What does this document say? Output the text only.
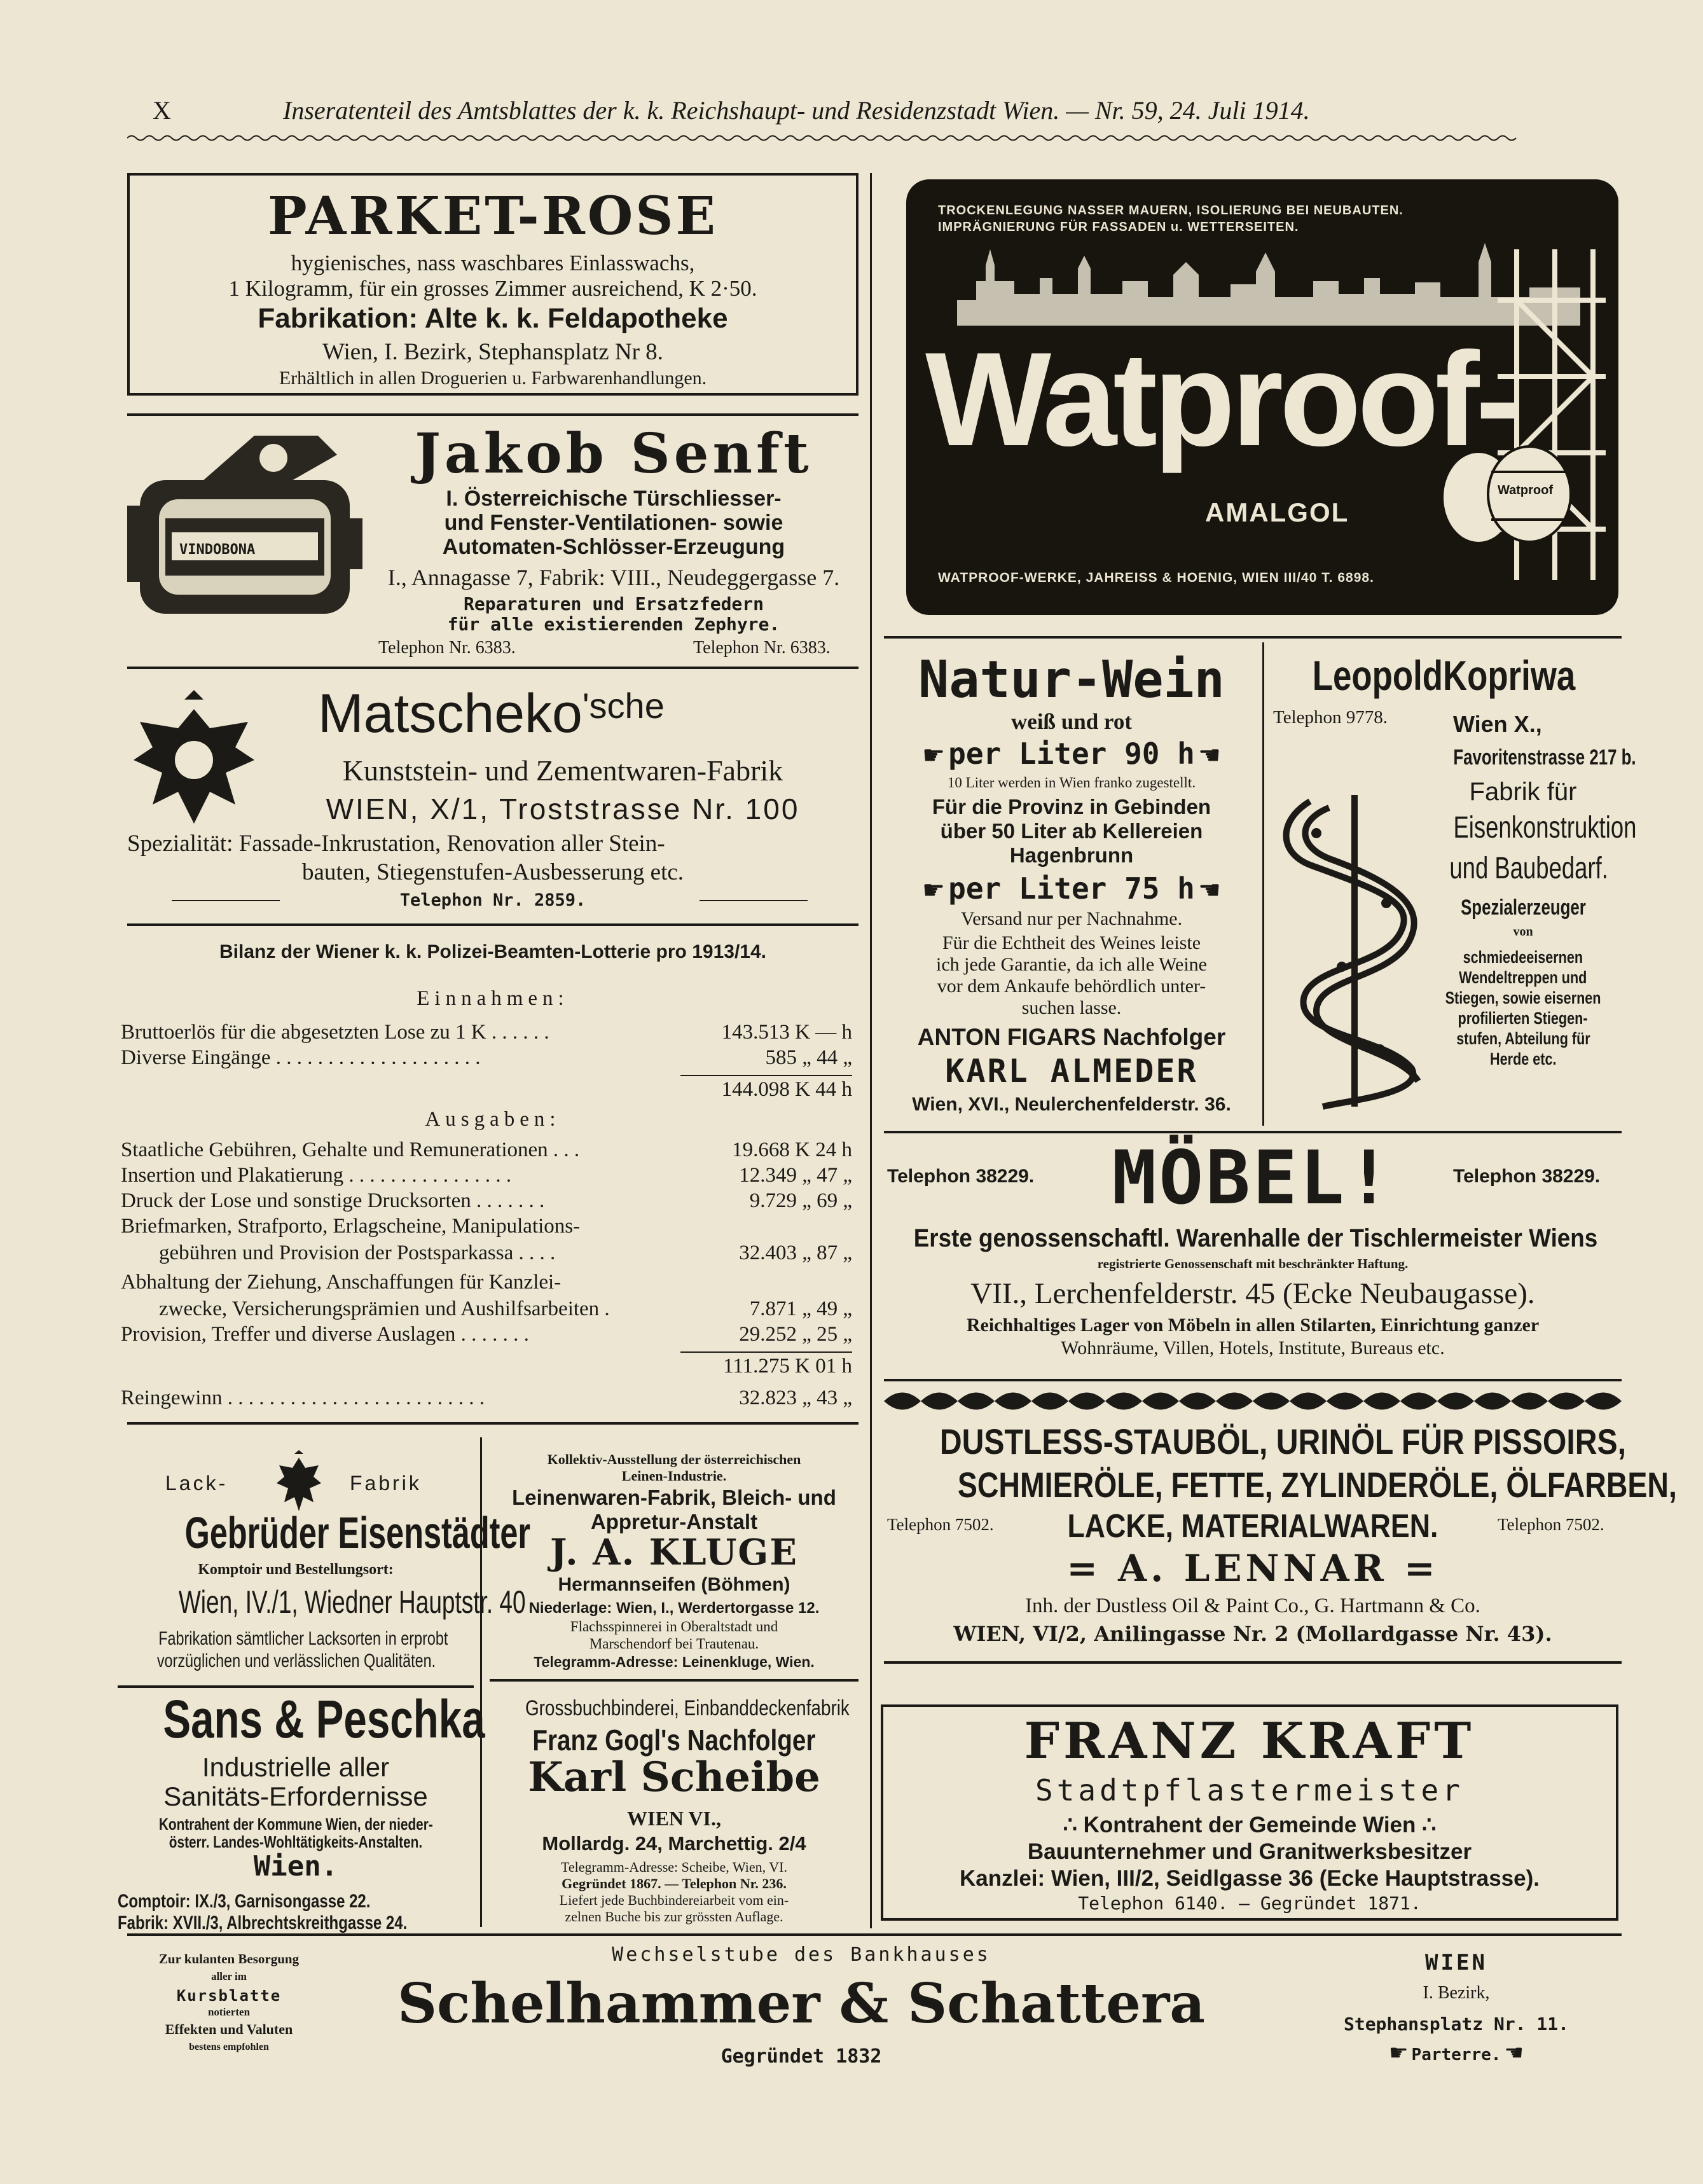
X	Inseratenteil des Amtsblattes der k. k. Reichshaupt- und Residenzstadt Wien. — Nr. 59, 24. Juli 1914.
PARKET-ROSE
hygienisches, nass waschbares Einlasswachs,
1 Kilogramm, für ein grosses Zimmer ausreichend, K 2·50.
Fabrikation: Alte k. k. Feldapotheke
Wien, I. Bezirk, Stephansplatz Nr 8.
Erhältlich in allen Droguerien u. Farbwarenhandlungen.
VINDOBONA
Jakob Senft
I. Österreichische Türschliesser-
und Fenster-Ventilationen- sowie
Automaten-Schlösser-Erzeugung
I., Annagasse 7, Fabrik: VIII., Neudeggergasse 7.
Reparaturen und Ersatzfedern
für alle existierenden Zephyre.
Telephon Nr. 6383.	Telephon Nr. 6383.
Matscheko'sche
Kunststein- und Zementwaren-Fabrik
WIEN, X/1, Troststrasse Nr. 100
Spezialität: Fassade-Inkrustation, Renovation aller Stein-
bauten, Stiegenstufen-Ausbesserung etc.
Telephon Nr. 2859.
Bilanz der Wiener k. k. Polizei-Beamten-Lotterie pro 1913/14.
Einnahmen:
Bruttoerlös für die abgesetzten Lose zu 1 K . . . . . .	143.513 K — h
Diverse Eingänge . . . . . . . . . . . . . . . . . . . .	585 „ 44 „
144.098 K 44 h
Ausgaben:
Staatliche Gebühren, Gehalte und Remunerationen . . .	19.668 K 24 h
Insertion und Plakatierung . . . . . . . . . . . . . . . .	12.349 „ 47 „
Druck der Lose und sonstige Drucksorten . . . . . . .	9.729 „ 69 „
Briefmarken, Strafporto, Erlagscheine, Manipulations-
gebühren und Provision der Postsparkassa . . . .	32.403 „ 87 „
Abhaltung der Ziehung, Anschaffungen für Kanzlei-
zwecke, Versicherungsprämien und Aushilfsarbeiten .	7.871 „ 49 „
Provision, Treffer und diverse Auslagen . . . . . . .	29.252 „ 25 „
111.275 K 01 h
Reingewinn . . . . . . . . . . . . . . . . . . . . . . . . .	32.823 „ 43 „
Lack-	Fabrik
Gebrüder Eisenstädter
Komptoir und Bestellungsort:
Wien, IV./1, Wiedner Hauptstr. 40
Fabrikation sämtlicher Lacksorten in erprobt
vorzüglichen und verlässlichen Qualitäten.
Sans & Peschka
Industrielle aller
Sanitäts-Erfordernisse
Kontrahent der Kommune Wien, der nieder-
österr. Landes-Wohltätigkeits-Anstalten.
Wien.
Comptoir: IX./3, Garnisongasse 22.
Fabrik: XVII./3, Albrechtskreithgasse 24.
Kollektiv-Ausstellung der österreichischen
Leinen-Industrie.
Leinenwaren-Fabrik, Bleich- und
Appretur-Anstalt
J. A. KLUGE
Hermannseifen (Böhmen)
Niederlage: Wien, I., Werdertorgasse 12.
Flachsspinnerei in Oberaltstadt und
Marschendorf bei Trautenau.
Telegramm-Adresse: Leinenkluge, Wien.
Grossbuchbinderei, Einbanddeckenfabrik
Franz Gogl's Nachfolger
Karl Scheibe
WIEN VI.,
Mollardg. 24, Marchettig. 2/4
Telegramm-Adresse: Scheibe, Wien, VI.
Gegründet 1867. — Telephon Nr. 236.
Liefert jede Buchbindereiarbeit vom ein-
zelnen Buche bis zur grössten Auflage.
TROCKENLEGUNG NASSER MAUERN, ISOLIERUNG BEI NEUBAUTEN.
IMPRÄGNIERUNG FÜR FASSADEN u. WETTERSEITEN.
Watproof
Watproof-
AMALGOL
WATPROOF-WERKE, JAHREISS & HOENIG, WIEN III/40 T. 6898.
Natur-Wein
weiß und rot
☛ per Liter 90 h ☚
10 Liter werden in Wien franko zugestellt.
Für die Provinz in Gebinden
über 50 Liter ab Kellereien
Hagenbrunn
☛ per Liter 75 h ☚
Versand nur per Nachnahme.
Für die Echtheit des Weines leiste
ich jede Garantie, da ich alle Weine
vor dem Ankaufe behördlich unter-
suchen lasse.
ANTON FIGARS Nachfolger
KARL ALMEDER
Wien, XVI., Neulerchenfelderstr. 36.
LeopoldKopriwa
Telephon 9778.	Wien X.,
Favoritenstrasse 217 b.
Fabrik für
Eisenkonstruktion
und Baubedarf.
Spezialerzeuger
von
schmiedeeisernen
Wendeltreppen und
Stiegen, sowie eisernen
profilierten Stiegen-
stufen, Abteilung für
Herde etc.
Telephon 38229.	MÖBEL!	Telephon 38229.
Erste genossenschaftl. Warenhalle der Tischlermeister Wiens
registrierte Genossenschaft mit beschränkter Haftung.
VII., Lerchenfelderstr. 45 (Ecke Neubaugasse).
Reichhaltiges Lager von Möbeln in allen Stilarten, Einrichtung ganzer
Wohnräume, Villen, Hotels, Institute, Bureaus etc.
DUSTLESS-STAUBÖL, URINÖL FÜR PISSOIRS,
SCHMIERÖLE, FETTE, ZYLINDERÖLE, ÖLFARBEN,
Telephon 7502.	LACKE, MATERIALWAREN.	Telephon 7502.
= A. LENNAR =
Inh. der Dustless Oil & Paint Co., G. Hartmann & Co.
WIEN, VI/2, Anilingasse Nr. 2 (Mollardgasse Nr. 43).
FRANZ KRAFT
Stadtpflastermeister
∴ Kontrahent der Gemeinde Wien ∴
Bauunternehmer und Granitwerksbesitzer
Kanzlei: Wien, III/2, Seidlgasse 36 (Ecke Hauptstrasse).
Telephon 6140. — Gegründet 1871.
Zur kulanten Besorgung
aller im
Kursblatte
notierten
Effekten und Valuten
bestens empfohlen
Wechselstube des Bankhauses
Schelhammer & Schattera
Gegründet 1832
WIEN
I. Bezirk,
Stephansplatz Nr. 11.
☛ Parterre. ☚
